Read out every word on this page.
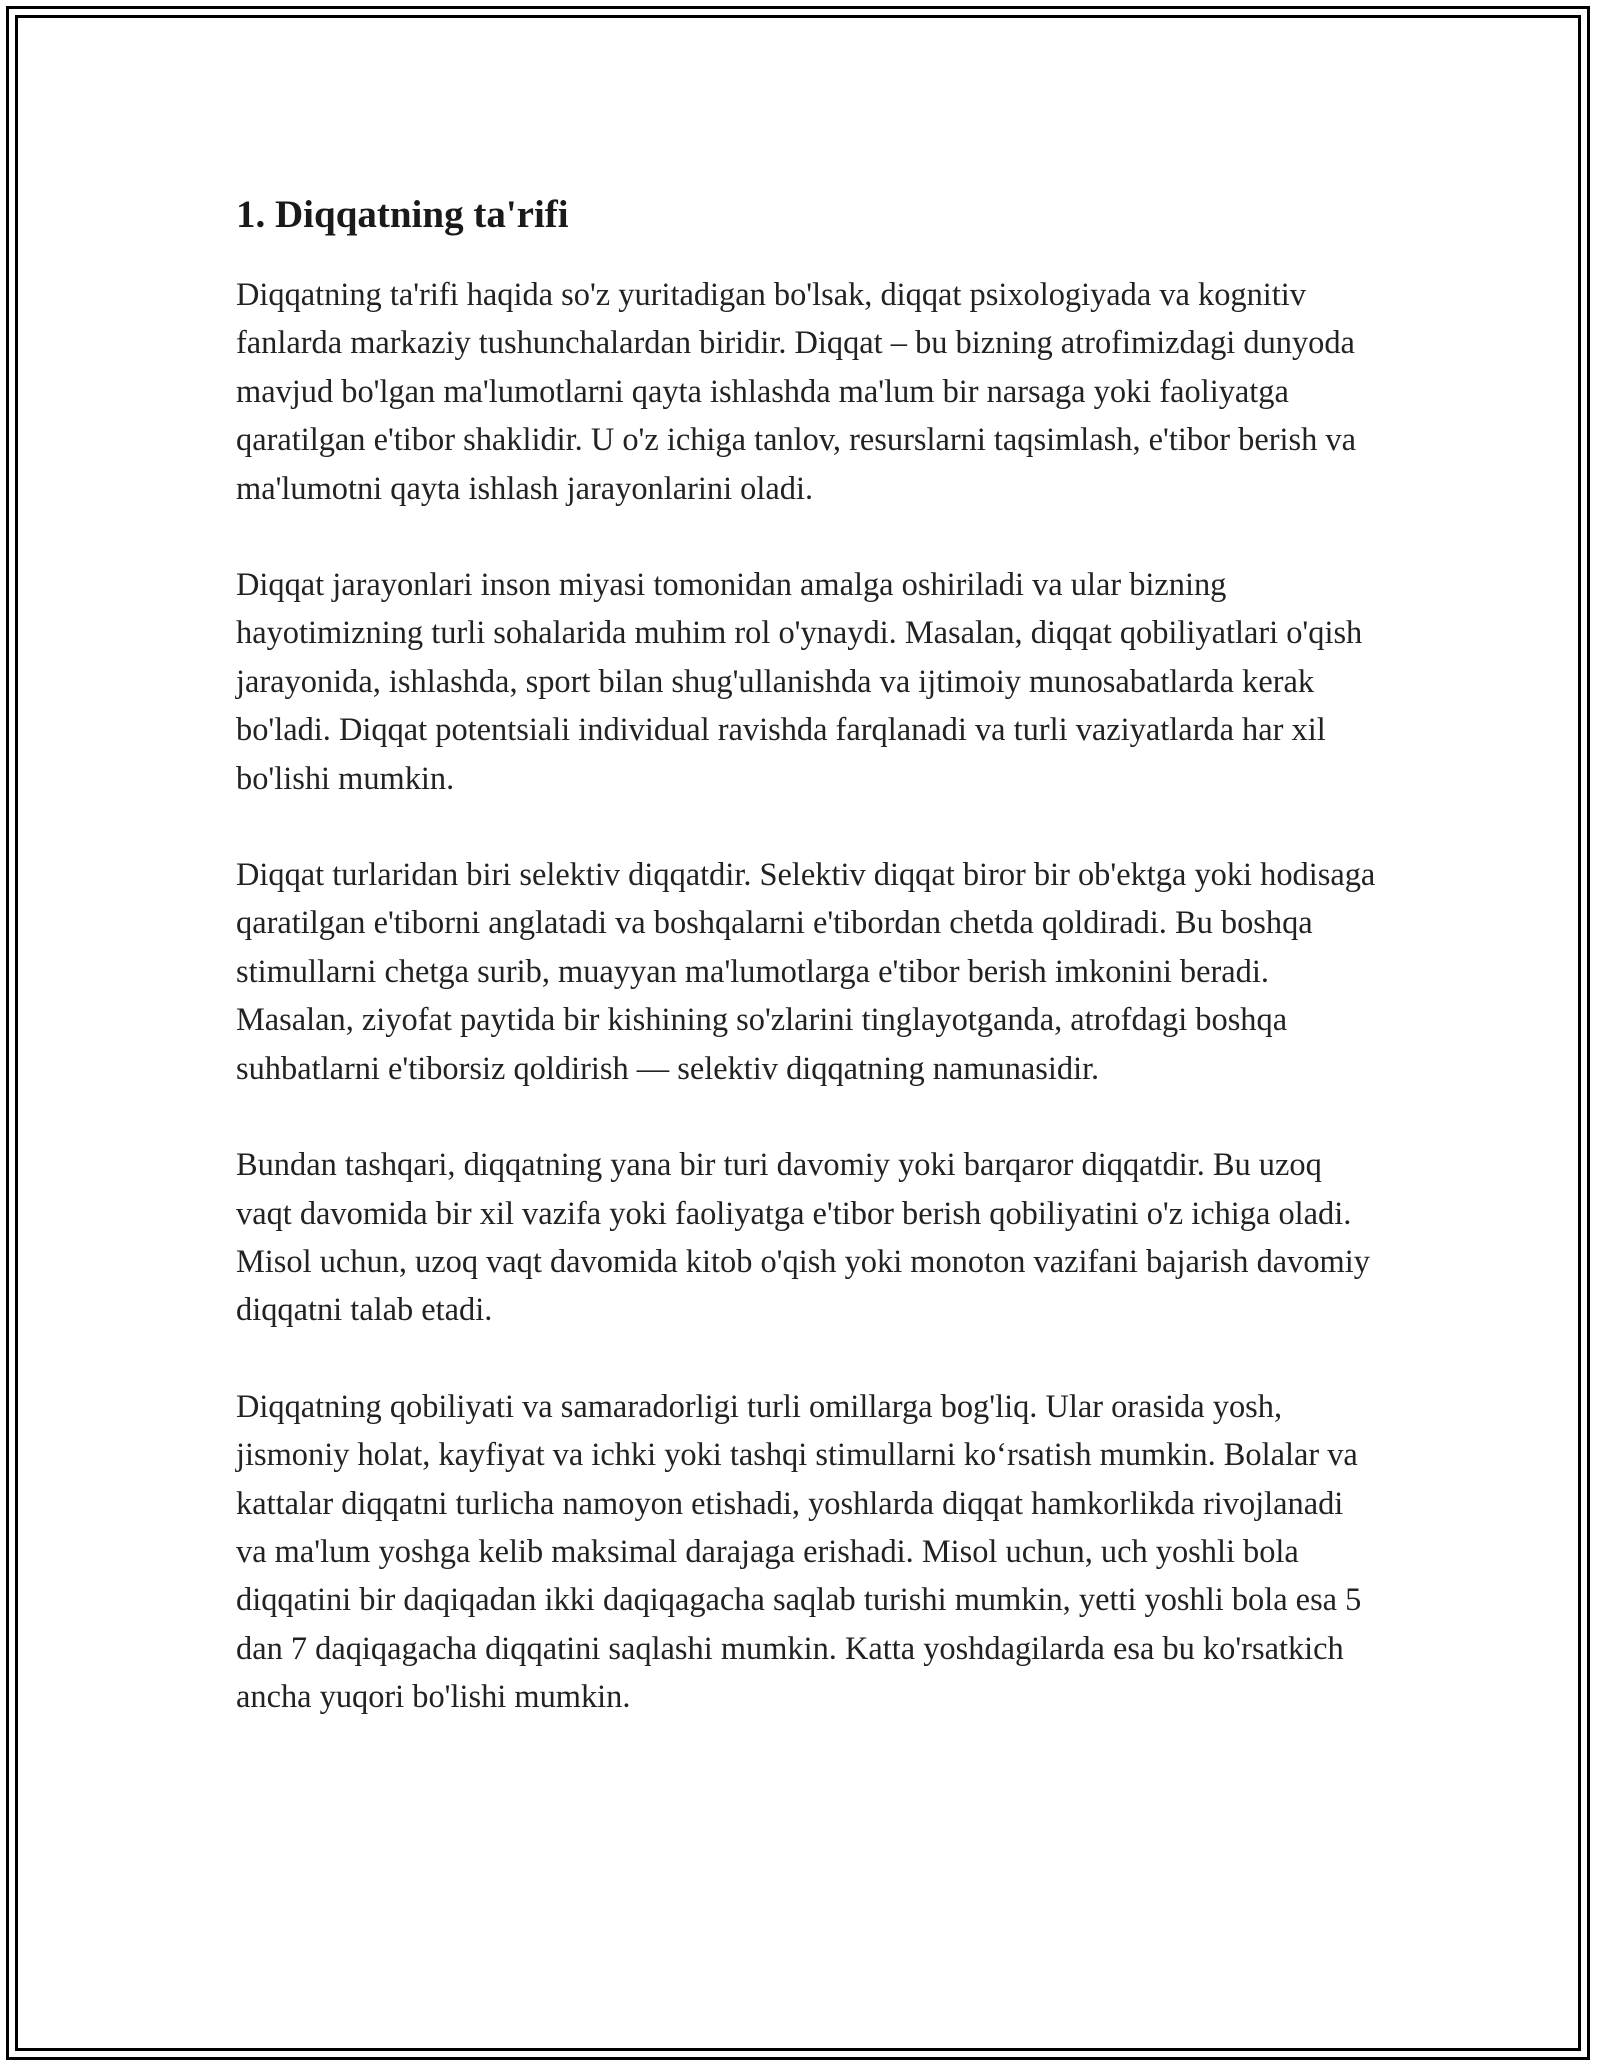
1. Diqqatning ta'rifi

Diqqatning ta'rifi haqida so'z yuritadigan bo'lsak, diqqat psixologiyada va kognitiv fanlarda markaziy tushunchalardan biridir. Diqqat – bu bizning atrofimizdagi dunyoda mavjud bo'lgan ma'lumotlarni qayta ishlashda ma'lum bir narsaga yoki faoliyatga qaratilgan e'tibor shaklidir. U o'z ichiga tanlov, resurslarni taqsimlash, e'tibor berish va ma'lumotni qayta ishlash jarayonlarini oladi.

Diqqat jarayonlari inson miyasi tomonidan amalga oshiriladi va ular bizning hayotimizning turli sohalarida muhim rol o'ynaydi. Masalan, diqqat qobiliyatlari o'qish jarayonida, ishlashda, sport bilan shug'ullanishda va ijtimoiy munosabatlarda kerak bo'ladi. Diqqat potentsiali individual ravishda farqlanadi va turli vaziyatlarda har xil bo'lishi mumkin.

Diqqat turlaridan biri selektiv diqqatdir. Selektiv diqqat biror bir ob'ektga yoki hodisaga qaratilgan e'tiborni anglatadi va boshqalarni e'tibordan chetda qoldiradi. Bu boshqa stimullarni chetga surib, muayyan ma'lumotlarga e'tibor berish imkonini beradi. Masalan, ziyofat paytida bir kishining so'zlarini tinglayotganda, atrofdagi boshqa suhbatlarni e'tiborsiz qoldirish — selektiv diqqatning namunasidir.

Bundan tashqari, diqqatning yana bir turi davomiy yoki barqaror diqqatdir. Bu uzoq vaqt davomida bir xil vazifa yoki faoliyatga e'tibor berish qobiliyatini o'z ichiga oladi. Misol uchun, uzoq vaqt davomida kitob o'qish yoki monoton vazifani bajarish davomiy diqqatni talab etadi.

Diqqatning qobiliyati va samaradorligi turli omillarga bog'liq. Ular orasida yosh, jismoniy holat, kayfiyat va ichki yoki tashqi stimullarni ko‘rsatish mumkin. Bolalar va kattalar diqqatni turlicha namoyon etishadi, yoshlarda diqqat hamkorlikda rivojlanadi va ma'lum yoshga kelib maksimal darajaga erishadi. Misol uchun, uch yoshli bola diqqatini bir daqiqadan ikki daqiqagacha saqlab turishi mumkin, yetti yoshli bola esa 5 dan 7 daqiqagacha diqqatini saqlashi mumkin. Katta yoshdagilarda esa bu ko'rsatkich ancha yuqori bo'lishi mumkin.
